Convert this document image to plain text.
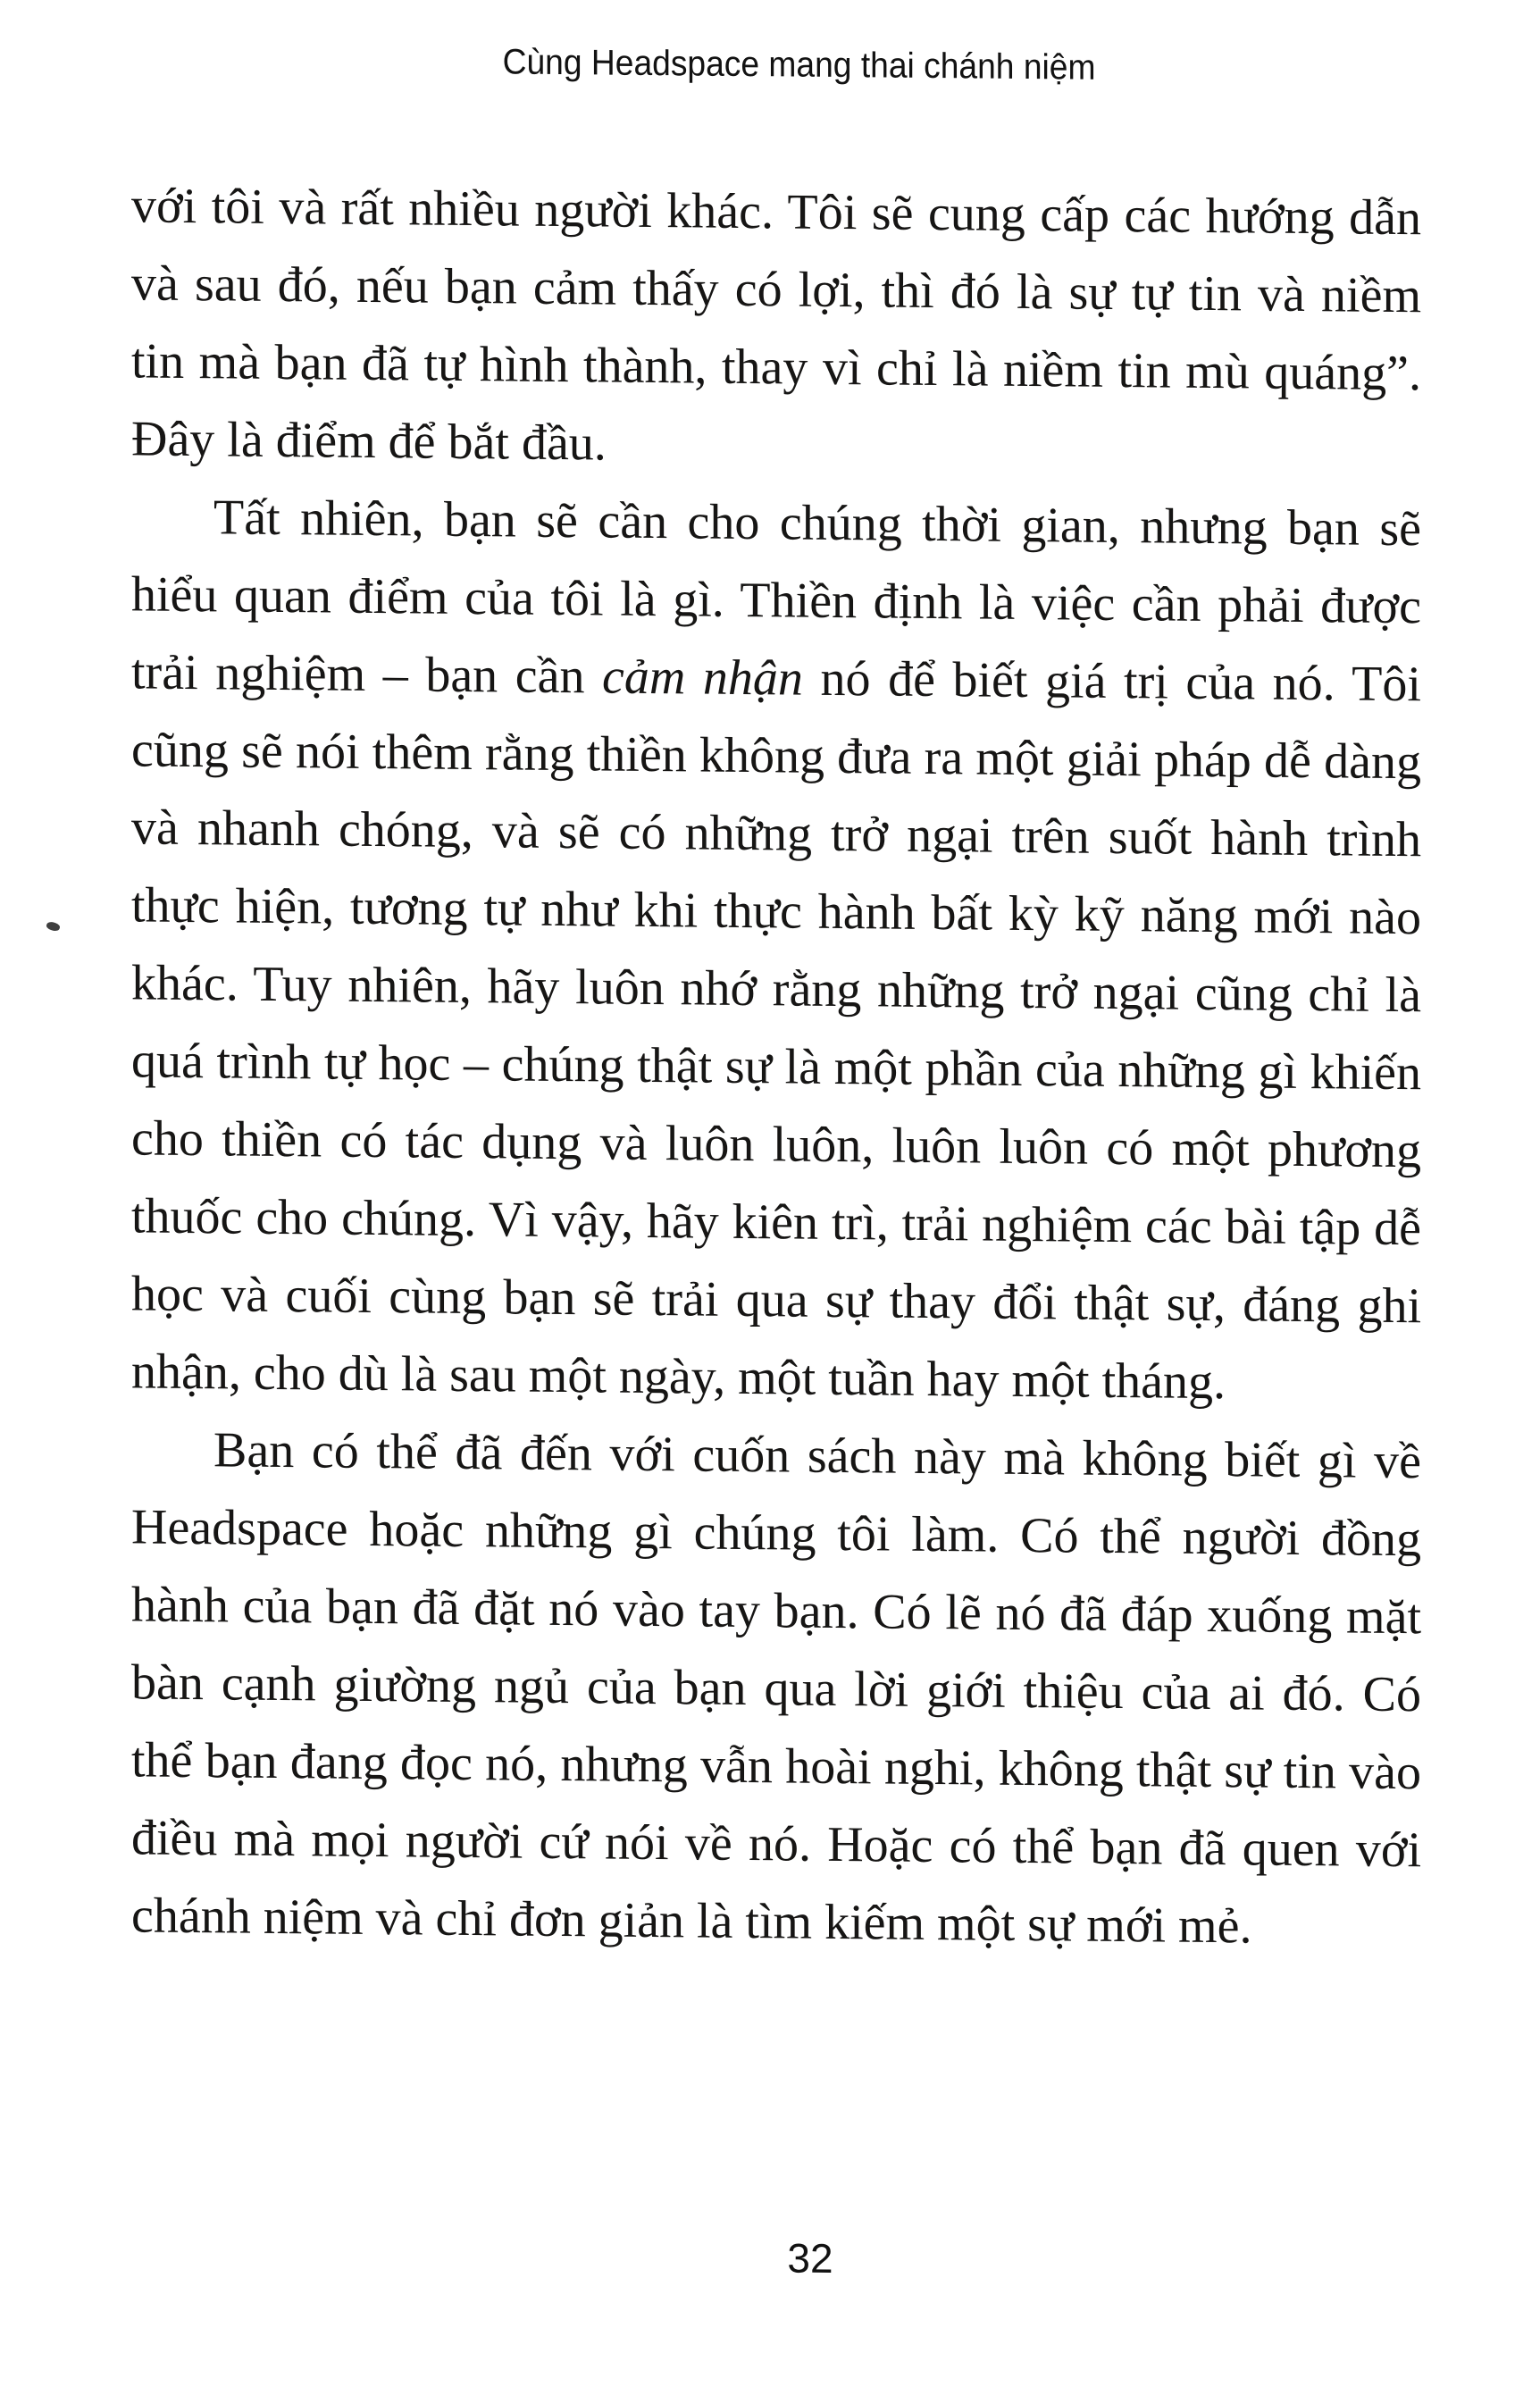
Cùng Headspace mang thai chánh niệm

với tôi và rất nhiều người khác. Tôi sẽ cung cấp các hướng dẫn và sau đó, nếu bạn cảm thấy có lợi, thì đó là sự tự tin và niềm tin mà bạn đã tự hình thành, thay vì chỉ là niềm tin mù quáng”. Đây là điểm để bắt đầu.

Tất nhiên, bạn sẽ cần cho chúng thời gian, nhưng bạn sẽ hiểu quan điểm của tôi là gì. Thiền định là việc cần phải được trải nghiệm – bạn cần cảm nhận nó để biết giá trị của nó. Tôi cũng sẽ nói thêm rằng thiền không đưa ra một giải pháp dễ dàng và nhanh chóng, và sẽ có những trở ngại trên suốt hành trình thực hiện, tương tự như khi thực hành bất kỳ kỹ năng mới nào khác. Tuy nhiên, hãy luôn nhớ rằng những trở ngại cũng chỉ là quá trình tự học – chúng thật sự là một phần của những gì khiến cho thiền có tác dụng và luôn luôn, luôn luôn có một phương thuốc cho chúng. Vì vậy, hãy kiên trì, trải nghiệm các bài tập dễ học và cuối cùng bạn sẽ trải qua sự thay đổi thật sự, đáng ghi nhận, cho dù là sau một ngày, một tuần hay một tháng.

Bạn có thể đã đến với cuốn sách này mà không biết gì về Headspace hoặc những gì chúng tôi làm. Có thể người đồng hành của bạn đã đặt nó vào tay bạn. Có lẽ nó đã đáp xuống mặt bàn cạnh giường ngủ của bạn qua lời giới thiệu của ai đó. Có thể bạn đang đọc nó, nhưng vẫn hoài nghi, không thật sự tin vào điều mà mọi người cứ nói về nó. Hoặc có thể bạn đã quen với chánh niệm và chỉ đơn giản là tìm kiếm một sự mới mẻ.

32
